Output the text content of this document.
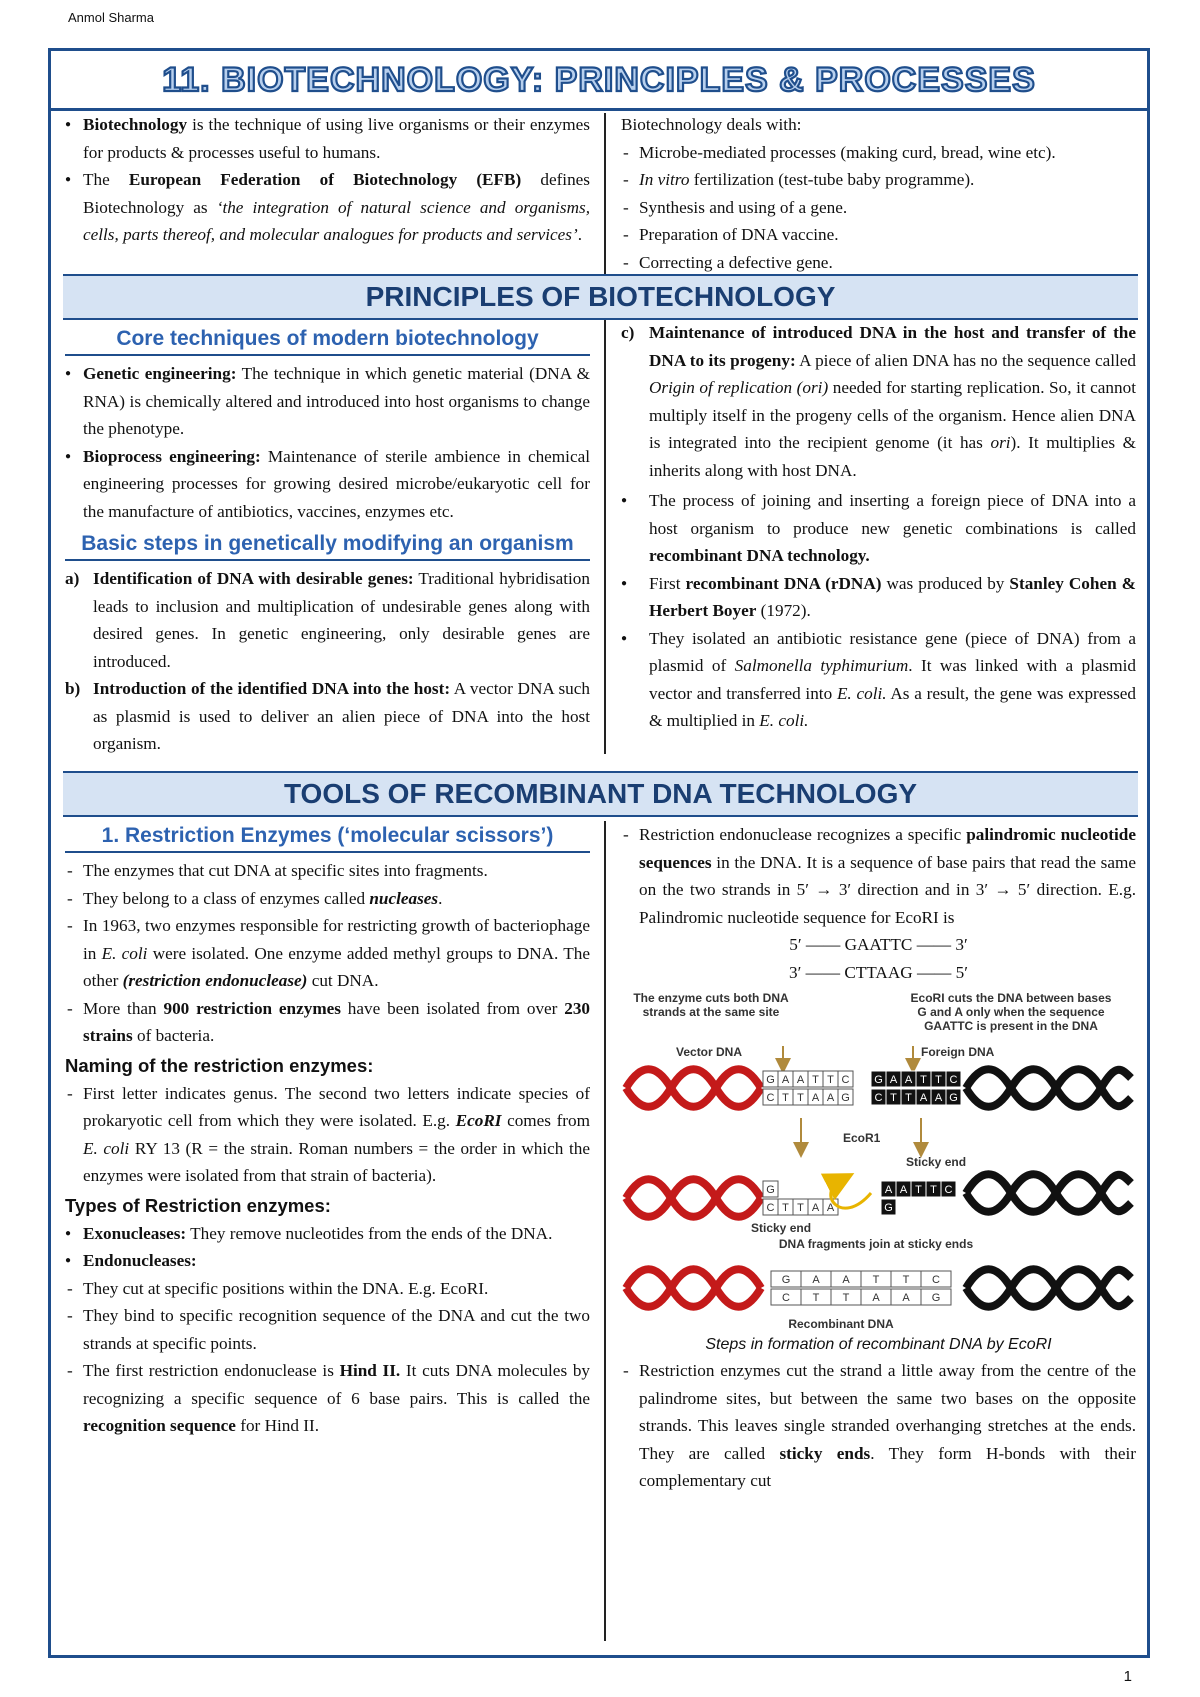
Anmol Sharma
11. BIOTECHNOLOGY: PRINCIPLES & PROCESSES
● Biotechnology is the technique of using live organisms or their enzymes for products & processes useful to humans.
● The European Federation of Biotechnology (EFB) defines Biotechnology as ‘the integration of natural science and organisms, cells, parts thereof, and molecular analogues for products and services’.
Biotechnology deals with:
- Microbe-mediated processes (making curd, bread, wine etc).
- In vitro fertilization (test-tube baby programme).
- Synthesis and using of a gene.
- Preparation of DNA vaccine.
- Correcting a defective gene.
PRINCIPLES OF BIOTECHNOLOGY
Core techniques of modern biotechnology
● Genetic engineering: The technique in which genetic material (DNA & RNA) is chemically altered and introduced into host organisms to change the phenotype.
● Bioprocess engineering: Maintenance of sterile ambience in chemical engineering processes for growing desired microbe/eukaryotic cell for the manufacture of antibiotics, vaccines, enzymes etc.
Basic steps in genetically modifying an organism
a) Identification of DNA with desirable genes: Traditional hybridisation leads to inclusion and multiplication of undesirable genes along with desired genes. In genetic engineering, only desirable genes are introduced.
b) Introduction of the identified DNA into the host: A vector DNA such as plasmid is used to deliver an alien piece of DNA into the host organism.
c) Maintenance of introduced DNA in the host and transfer of the DNA to its progeny: A piece of alien DNA has no the sequence called Origin of replication (ori) needed for starting replication. So, it cannot multiply itself in the progeny cells of the organism. Hence alien DNA is integrated into the recipient genome (it has ori). It multiplies & inherits along with host DNA.
● The process of joining and inserting a foreign piece of DNA into a host organism to produce new genetic combinations is called recombinant DNA technology.
● First recombinant DNA (rDNA) was produced by Stanley Cohen & Herbert Boyer (1972).
● They isolated an antibiotic resistance gene (piece of DNA) from a plasmid of Salmonella typhimurium. It was linked with a plasmid vector and transferred into E. coli. As a result, the gene was expressed & multiplied in E. coli.
TOOLS OF RECOMBINANT DNA TECHNOLOGY
1. Restriction Enzymes (‘molecular scissors’)
- The enzymes that cut DNA at specific sites into fragments.
- They belong to a class of enzymes called nucleases.
- In 1963, two enzymes responsible for restricting growth of bacteriophage in E. coli were isolated. One enzyme added methyl groups to DNA. The other (restriction endonuclease) cut DNA.
- More than 900 restriction enzymes have been isolated from over 230 strains of bacteria.
Naming of the restriction enzymes:
- First letter indicates genus. The second two letters indicate species of prokaryotic cell from which they were isolated. E.g. EcoRI comes from E. coli RY 13 (R = the strain. Roman numbers = the order in which the enzymes were isolated from that strain of bacteria).
Types of Restriction enzymes:
● Exonucleases: They remove nucleotides from the ends of the DNA.
● Endonucleases:
- They cut at specific positions within the DNA. E.g. EcoRI.
- They bind to specific recognition sequence of the DNA and cut the two strands at specific points.
- The first restriction endonuclease is Hind II. It cuts DNA molecules by recognizing a specific sequence of 6 base pairs. This is called the recognition sequence for Hind II.
- Restriction endonuclease recognizes a specific palindromic nucleotide sequences in the DNA. It is a sequence of base pairs that read the same on the two strands in 5′ → 3′ direction and in 3′ → 5′ direction. E.g. Palindromic nucleotide sequence for EcoRI is
5′ —— GAATTC —— 3′
3′ —— CTTAAG —— 5′
The enzyme cuts both DNA
strands at the same site
EcoRI cuts the DNA between bases
G and A only when the sequence
GAATTC is present in the DNA
Vector DNA	Foreign DNA
G A A T T C
C T T A A G
G A A T T C
C T T A A G
EcoR1
Sticky end
G
C T T A A
A A T T C
G
Sticky end
DNA fragments join at sticky ends
G A A T T C
C T T A A G
Recombinant DNA
Steps in formation of recombinant DNA by EcoRI
- Restriction enzymes cut the strand a little away from the centre of the palindrome sites, but between the same two bases on the opposite strands. This leaves single stranded overhanging stretches at the ends. They are called sticky ends. They form H-bonds with their complementary cut
1
